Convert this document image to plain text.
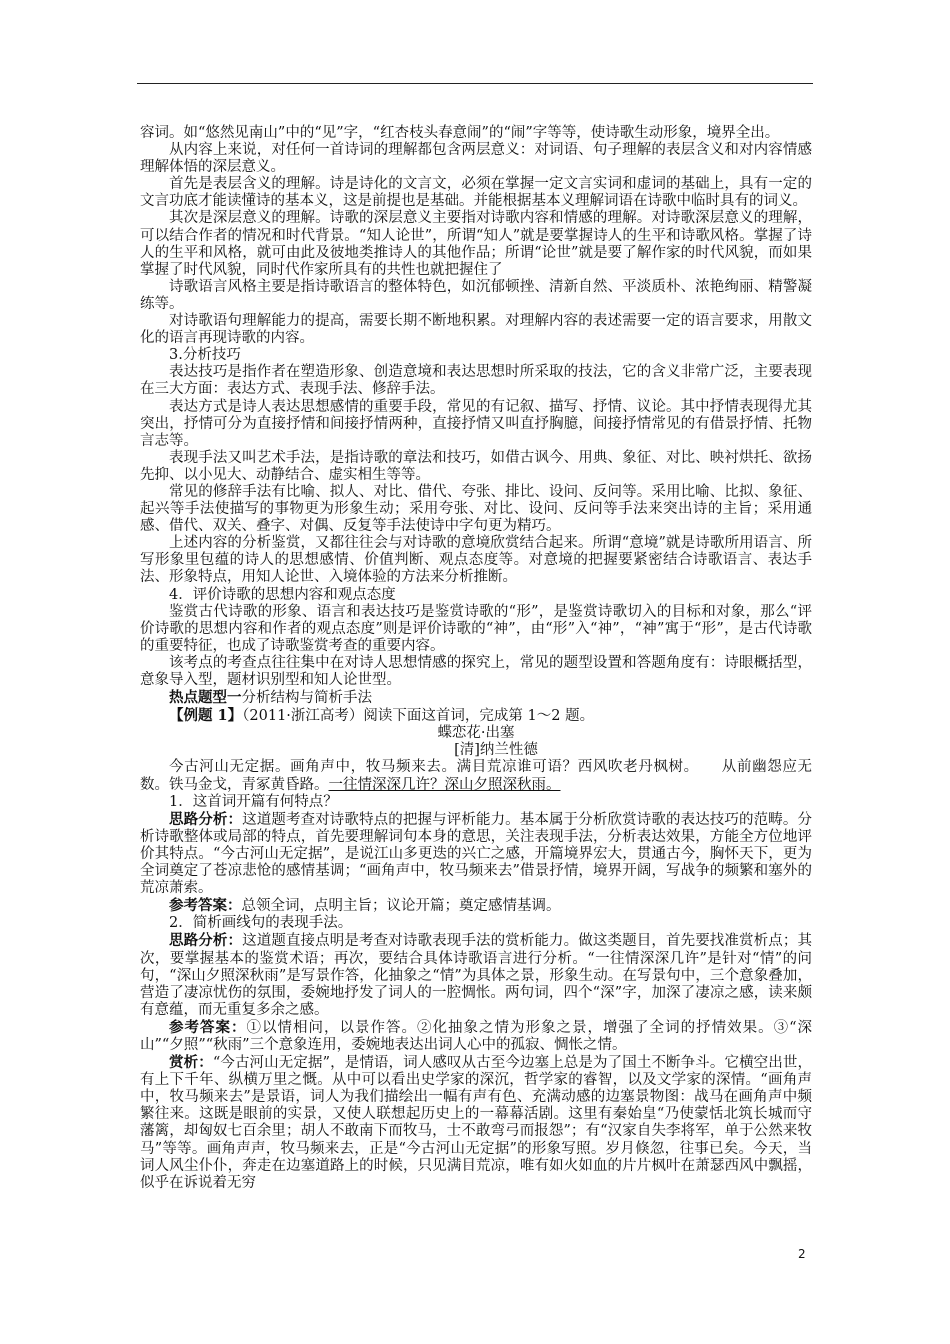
容词。如“悠然见南山”中的“见”字，“红杏枝头春意闹”的“闹”字等等，使诗歌生动形象，境界全出。

从内容上来说，对任何一首诗词的理解都包含两层意义：对词语、句子理解的表层含义和对内容情感理解体悟的深层意义。

首先是表层含义的理解。诗是诗化的文言文，必须在掌握一定文言实词和虚词的基础上，具有一定的文言功底才能读懂诗的基本义，这是前提也是基础。并能根据基本义理解词语在诗歌中临时具有的词义。

其次是深层意义的理解。诗歌的深层意义主要指对诗歌内容和情感的理解。对诗歌深层意义的理解，可以结合作者的情况和时代背景。“知人论世”，所谓“知人”就是要掌握诗人的生平和诗歌风格。掌握了诗人的生平和风格，就可由此及彼地类推诗人的其他作品；所谓“论世”就是要了解作家的时代风貌，而如果掌握了时代风貌，同时代作家所具有的共性也就把握住了

诗歌语言风格主要是指诗歌语言的整体特色，如沉郁顿挫、清新自然、平淡质朴、浓艳绚丽、精警凝练等。

对诗歌语句理解能力的提高，需要长期不断地积累。对理解内容的表述需要一定的语言要求，用散文化的语言再现诗歌的内容。

3.分析技巧

表达技巧是指作者在塑造形象、创造意境和表达思想时所采取的技法，它的含义非常广泛，主要表现在三大方面：表达方式、表现手法、修辞手法。

表达方式是诗人表达思想感情的重要手段，常见的有记叙、描写、抒情、议论。其中抒情表现得尤其突出，抒情可分为直接抒情和间接抒情两种，直接抒情又叫直抒胸臆，间接抒情常见的有借景抒情、托物言志等。

表现手法又叫艺术手法，是指诗歌的章法和技巧，如借古讽今、用典、象征、对比、映衬烘托、欲扬先抑、以小见大、动静结合、虚实相生等等。

常见的修辞手法有比喻、拟人、对比、借代、夸张、排比、设问、反问等。采用比喻、比拟、象征、起兴等手法使描写的事物更为形象生动；采用夸张、对比、设问、反问等手法来突出诗的主旨；采用通感、借代、双关、叠字、对偶、反复等手法使诗中字句更为精巧。

上述内容的分析鉴赏，又都往往会与对诗歌的意境欣赏结合起来。所谓“意境”就是诗歌所用语言、所写形象里包蕴的诗人的思想感情、价值判断、观点态度等。对意境的把握要紧密结合诗歌语言、表达手法、形象特点，用知人论世、入境体验的方法来分析推断。

4．评价诗歌的思想内容和观点态度

鉴赏古代诗歌的形象、语言和表达技巧是鉴赏诗歌的“形”，是鉴赏诗歌切入的目标和对象，那么“评价诗歌的思想内容和作者的观点态度”则是评价诗歌的“神”，由“形”入“神”，“神”寓于“形”，是古代诗歌的重要特征，也成了诗歌鉴赏考查的重要内容。

该考点的考查点往往集中在对诗人思想情感的探究上，常见的题型设置和答题角度有：诗眼概括型，意象导入型，题材识别型和知人论世型。

热点题型一分析结构与简析手法

【例题 1】（2011·浙江高考）阅读下面这首词，完成第 1～2 题。

蝶恋花·出塞

[清]纳兰性德

今古河山无定据。画角声中，牧马频来去。满目荒凉谁可语？西风吹老丹枫树。　　从前幽怨应无数。铁马金戈，青冢黄昏路。一往情深深几许？深山夕照深秋雨。

1．这首词开篇有何特点？

思路分析：这道题考查对诗歌特点的把握与评析能力。基本属于分析欣赏诗歌的表达技巧的范畴。分析诗歌整体或局部的特点，首先要理解词句本身的意思，关注表现手法，分析表达效果，方能全方位地评价其特点。“今古河山无定据”，是说江山多更迭的兴亡之感，开篇境界宏大，贯通古今，胸怀天下，更为全词奠定了苍凉悲怆的感情基调；“画角声中，牧马频来去”借景抒情，境界开阔，写战争的频繁和塞外的荒凉萧索。

参考答案：总领全词，点明主旨；议论开篇；奠定感情基调。

2．简析画线句的表现手法。

思路分析：这道题直接点明是考查对诗歌表现手法的赏析能力。做这类题目，首先要找准赏析点；其次，要掌握基本的鉴赏术语；再次，要结合具体诗歌语言进行分析。“一往情深深几许”是针对“情”的问句，“深山夕照深秋雨”是写景作答，化抽象之“情”为具体之景，形象生动。在写景句中，三个意象叠加，营造了凄凉忧伤的氛围，委婉地抒发了词人的一腔惆怅。两句词，四个“深”字，加深了凄凉之感，读来颇有意蕴，而无重复多余之感。

参考答案：①以情相问，以景作答。②化抽象之情为形象之景，增强了全词的抒情效果。③“深山”“夕照”“秋雨”三个意象连用，委婉地表达出词人心中的孤寂、惆怅之情。

赏析：“今古河山无定据”，是情语，词人感叹从古至今边塞上总是为了国土不断争斗。它横空出世，有上下千年、纵横万里之慨。从中可以看出史学家的深沉，哲学家的睿智，以及文学家的深情。“画角声中，牧马频来去”是景语，词人为我们描绘出一幅有声有色、充满动感的边塞景物图：战马在画角声中频繁往来。这既是眼前的实景，又使人联想起历史上的一幕幕活剧。这里有秦始皇“乃使蒙恬北筑长城而守藩篱，却匈奴七百余里；胡人不敢南下而牧马，士不敢弯弓而报怨”；有“汉家自失李将军，单于公然来牧马”等等。画角声声，牧马频来去，正是“今古河山无定据”的形象写照。岁月倏忽，往事已矣。今天，当词人风尘仆仆，奔走在边塞道路上的时候，只见满目荒凉，唯有如火如血的片片枫叶在萧瑟西风中飘摇，似乎在诉说着无穷

2
